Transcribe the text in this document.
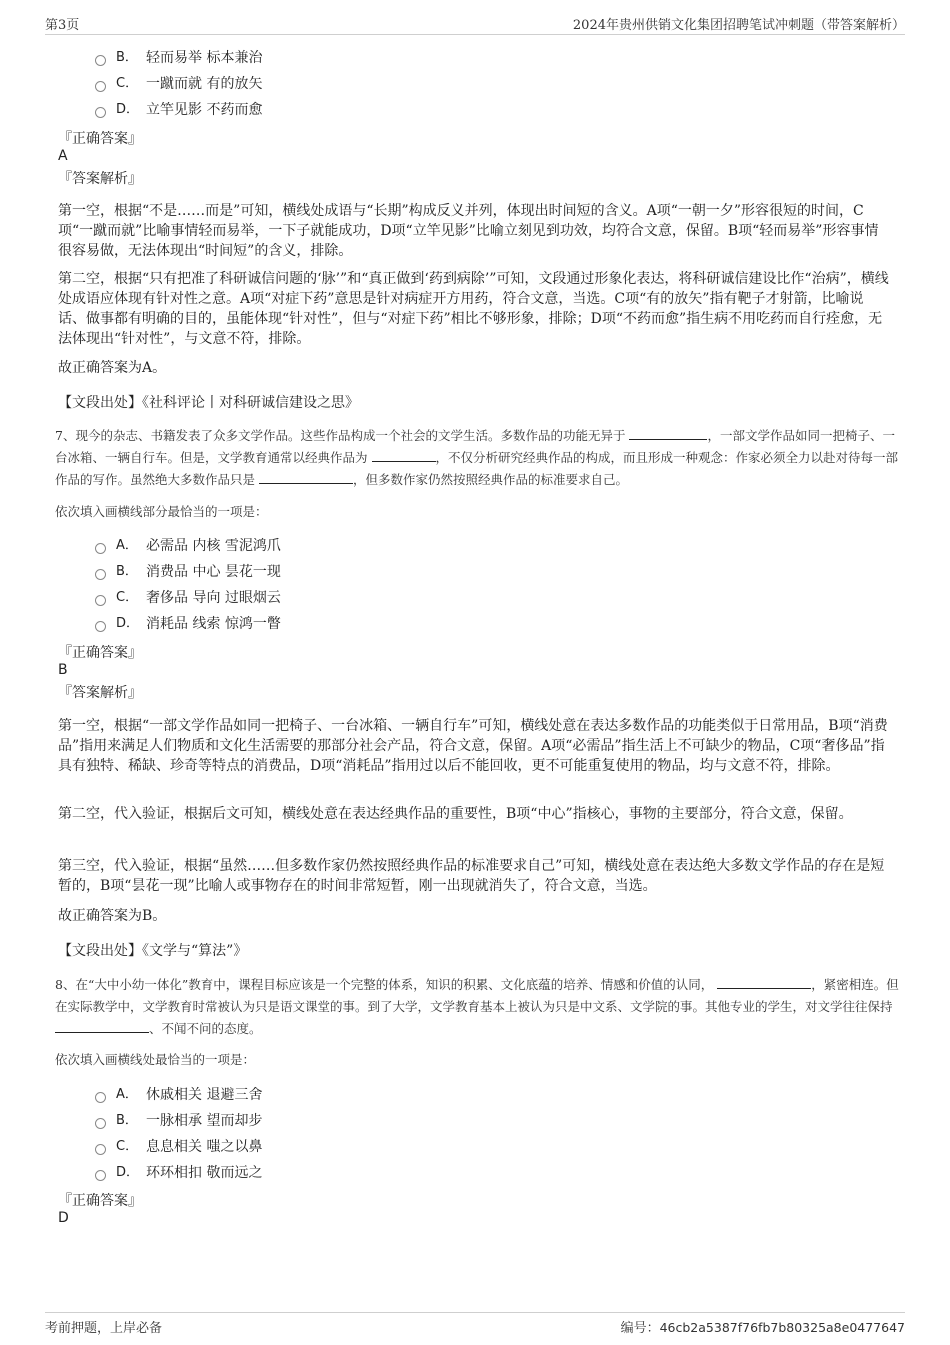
第3页	2024年贵州供销文化集团招聘笔试冲刺题（带答案解析）
B． 轻而易举 标本兼治
C． 一蹴而就 有的放矢
D． 立竿见影 不药而愈
『正确答案』
A
『答案解析』

第一空，根据“不是……而是”可知，横线处成语与“长期”构成反义并列，体现出时间短的含义。A项“一朝一夕”形容很短的时间，C项“一蹴而就”比喻事情轻而易举，一下子就能成功，D项“立竿见影”比喻立刻见到功效，均符合文意，保留。B项“轻而易举”形容事情很容易做，无法体现出“时间短”的含义，排除。

第二空，根据“只有把准了科研诚信问题的‘脉’”和“真正做到‘药到病除’”可知，文段通过形象化表达，将科研诚信建设比作“治病”，横线处成语应体现有针对性之意。A项“对症下药”意思是针对病症开方用药，符合文意，当选。C项“有的放矢”指有靶子才射箭，比喻说话、做事都有明确的目的，虽能体现“针对性”，但与“对症下药”相比不够形象，排除；D项“不药而愈”指生病不用吃药而自行痊愈，无法体现出“针对性”，与文意不符，排除。

故正确答案为A。

【文段出处】《社科评论丨对科研诚信建设之思》

7、现今的杂志、书籍发表了众多文学作品。这些作品构成一个社会的文学生活。多数作品的功能无异于	，一部文学作品如同一把椅子、一台冰箱、一辆自行车。但是，文学教育通常以经典作品为	，不仅分析研究经典作品的构成，而且形成一种观念：作家必须全力以赴对待每一部作品的写作。虽然绝大多数作品只是	，但多数作家仍然按照经典作品的标准要求自己。

依次填入画横线部分最恰当的一项是：
A． 必需品 内核 雪泥鸿爪
B． 消费品 中心 昙花一现
C． 奢侈品 导向 过眼烟云
D． 消耗品 线索 惊鸿一瞥
『正确答案』
B
『答案解析』

第一空，根据“一部文学作品如同一把椅子、一台冰箱、一辆自行车”可知，横线处意在表达多数作品的功能类似于日常用品，B项“消费品”指用来满足人们物质和文化生活需要的那部分社会产品，符合文意，保留。A项“必需品”指生活上不可缺少的物品，C项“奢侈品”指具有独特、稀缺、珍奇等特点的消费品，D项“消耗品”指用过以后不能回收，更不可能重复使用的物品，均与文意不符，排除。

第二空，代入验证，根据后文可知，横线处意在表达经典作品的重要性，B项“中心”指核心，事物的主要部分，符合文意，保留。

第三空，代入验证，根据“虽然……但多数作家仍然按照经典作品的标准要求自己”可知，横线处意在表达绝大多数文学作品的存在是短暂的，B项“昙花一现”比喻人或事物存在的时间非常短暂，刚一出现就消失了，符合文意，当选。

故正确答案为B。

【文段出处】《文学与“算法”》

8、在“大中小幼一体化”教育中，课程目标应该是一个完整的体系，知识的积累、文化底蕴的培养、情感和价值的认同，	，紧密相连。但在实际教学中，文学教育时常被认为只是语文课堂的事。到了大学，文学教育基本上被认为只是中文系、文学院的事。其他专业的学生，对文学往往保持 、不闻不问的态度。

依次填入画横线处最恰当的一项是：
A． 休戚相关 退避三舍
B． 一脉相承 望而却步
C． 息息相关 嗤之以鼻
D． 环环相扣 敬而远之
『正确答案』
D
考前押题，上岸必备	编号：46cb2a5387f76fb7b80325a8e0477647
